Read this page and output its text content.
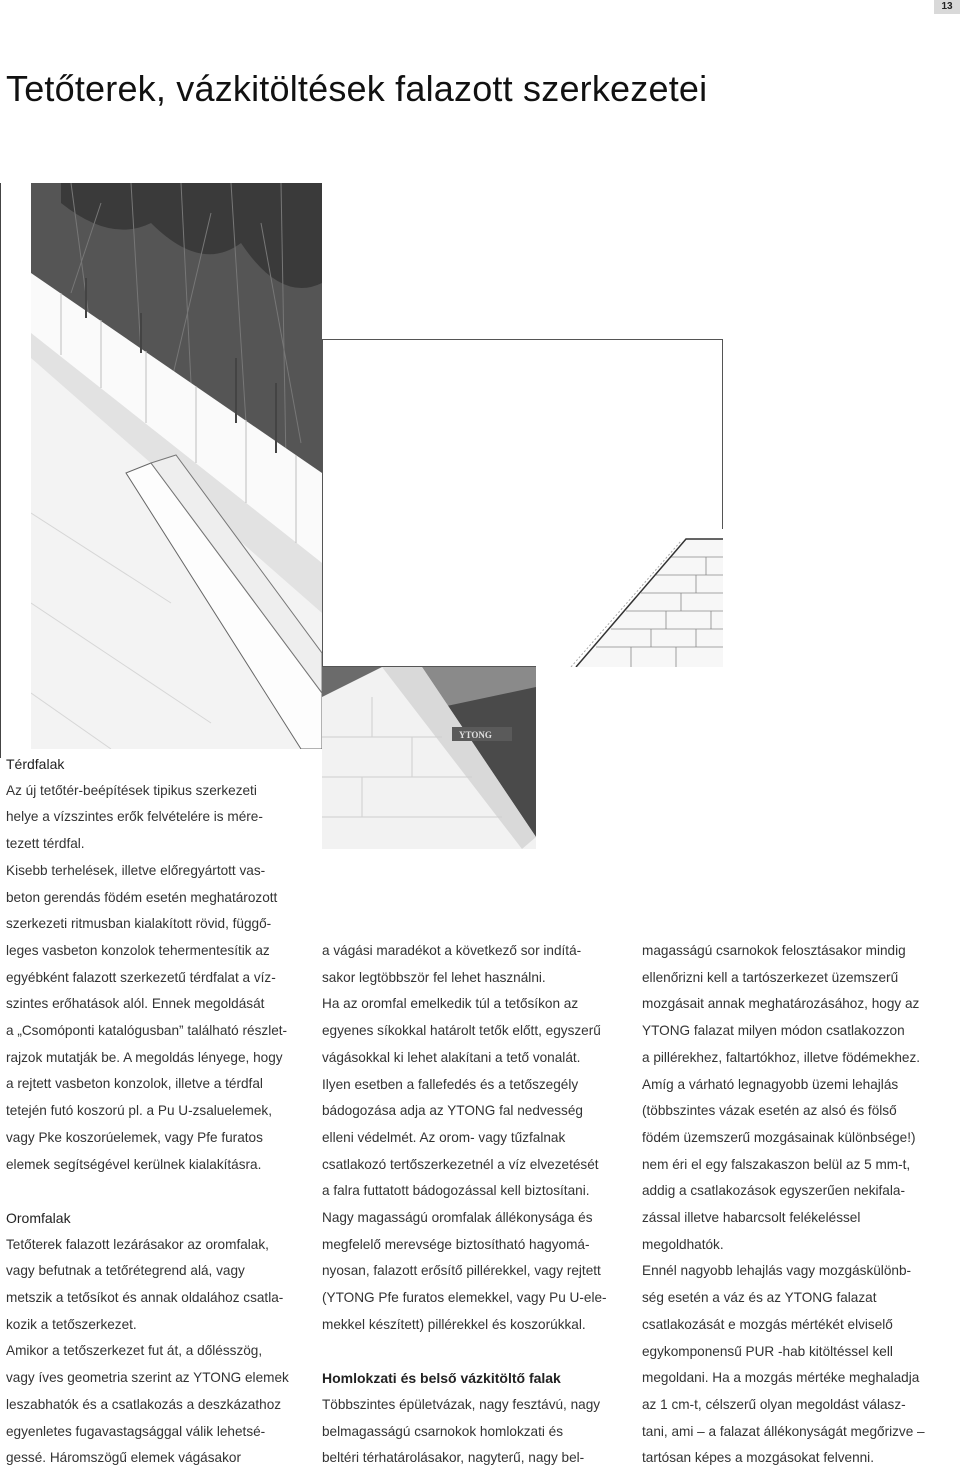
13
Tetőterek, vázkitöltések falazott szerkezetei
YTONG

Térdfalak

Az új tetőtér-beépítések tipikus szerkezeti

helye a vízszintes erők felvételére is mére-

tezett térdfal.

Kisebb terhelések, illetve előregyártott vas-

beton gerendás födém esetén meghatározott

szerkezeti ritmusban kialakított rövid, függő-

leges vasbeton konzolok tehermentesítik az

egyébként falazott szerkezetű térdfalat a víz-

szintes erőhatások alól. Ennek megoldását

a „Csomóponti katalógusban” található részlet-

rajzok mutatják be. A megoldás lényege, hogy

a rejtett vasbeton konzolok, illetve a térdfal

tetején futó koszorú pl. a Pu U-zsaluelemek,

vagy Pke koszorúelemek, vagy Pfe furatos

elemek segítségével kerülnek kialakításra.

Oromfalak

Tetőterek falazott lezárásakor az oromfalak,

vagy befutnak a tetőrétegrend alá, vagy

metszik a tetősíkot és annak oldalához csatla-

kozik a tetőszerkezet.

Amikor a tetőszerkezet fut át, a dőlésszög,

vagy íves geometria szerint az YTONG elemek

leszabhatók és a csatlakozás a deszkázathoz

egyenletes fugavastagsággal válik lehetsé-

gessé. Háromszögű elemek vágásakor

a vágási maradékot a következő sor indítá-

sakor legtöbbször fel lehet használni.

Ha az oromfal emelkedik túl a tetősíkon az

egyenes síkokkal határolt tetők előtt, egyszerű

vágásokkal ki lehet alakítani a tető vonalát.

Ilyen esetben a fallefedés és a tetőszegély

bádogozása adja az YTONG fal nedvesség

elleni védelmét. Az orom- vagy tűzfalnak

csatlakozó tertőszerkezetnél a víz elvezetését

a falra futtatott bádogozással kell biztosítani.

Nagy magasságú oromfalak állékonysága és

megfelelő merevsége biztosítható hagyomá-

nyosan, falazott erősítő pillérekkel, vagy rejtett

(YTONG Pfe furatos elemekkel, vagy Pu U-ele-

mekkel készített) pillérekkel és koszorúkkal.

Homlokzati és belső vázkitöltő falak

Többszintes épületvázak, nagy fesztávú, nagy

belmagasságú csarnokok homlokzati és

beltéri térhatárolásakor, nagyterű, nagy bel-

magasságú csarnokok felosztásakor mindig

ellenőrizni kell a tartószerkezet üzemszerű

mozgásait annak meghatározásához, hogy az

YTONG falazat milyen módon csatlakozzon

a pillérekhez, faltartókhoz, illetve födémekhez.

Amíg a várható legnagyobb üzemi lehajlás

(többszintes vázak esetén az alsó és fölső

födém üzemszerű mozgásainak különbsége!)

nem éri el egy falszakaszon belül az 5 mm-t,

addig a csatlakozások egyszerűen nekifala-

zással illetve habarcsolt felékeléssel

megoldhatók.

Ennél nagyobb lehajlás vagy mozgáskülönb-

ség esetén a váz és az YTONG falazat

csatlakozását e mozgás mértékét elviselő

egykomponensű PUR -hab kitöltéssel kell

megoldani. Ha a mozgás mértéke meghaladja

az 1 cm-t, célszerű olyan megoldást válasz-

tani, ami – a falazat állékonyságát megőrizve –

tartósan képes a mozgásokat felvenni.
